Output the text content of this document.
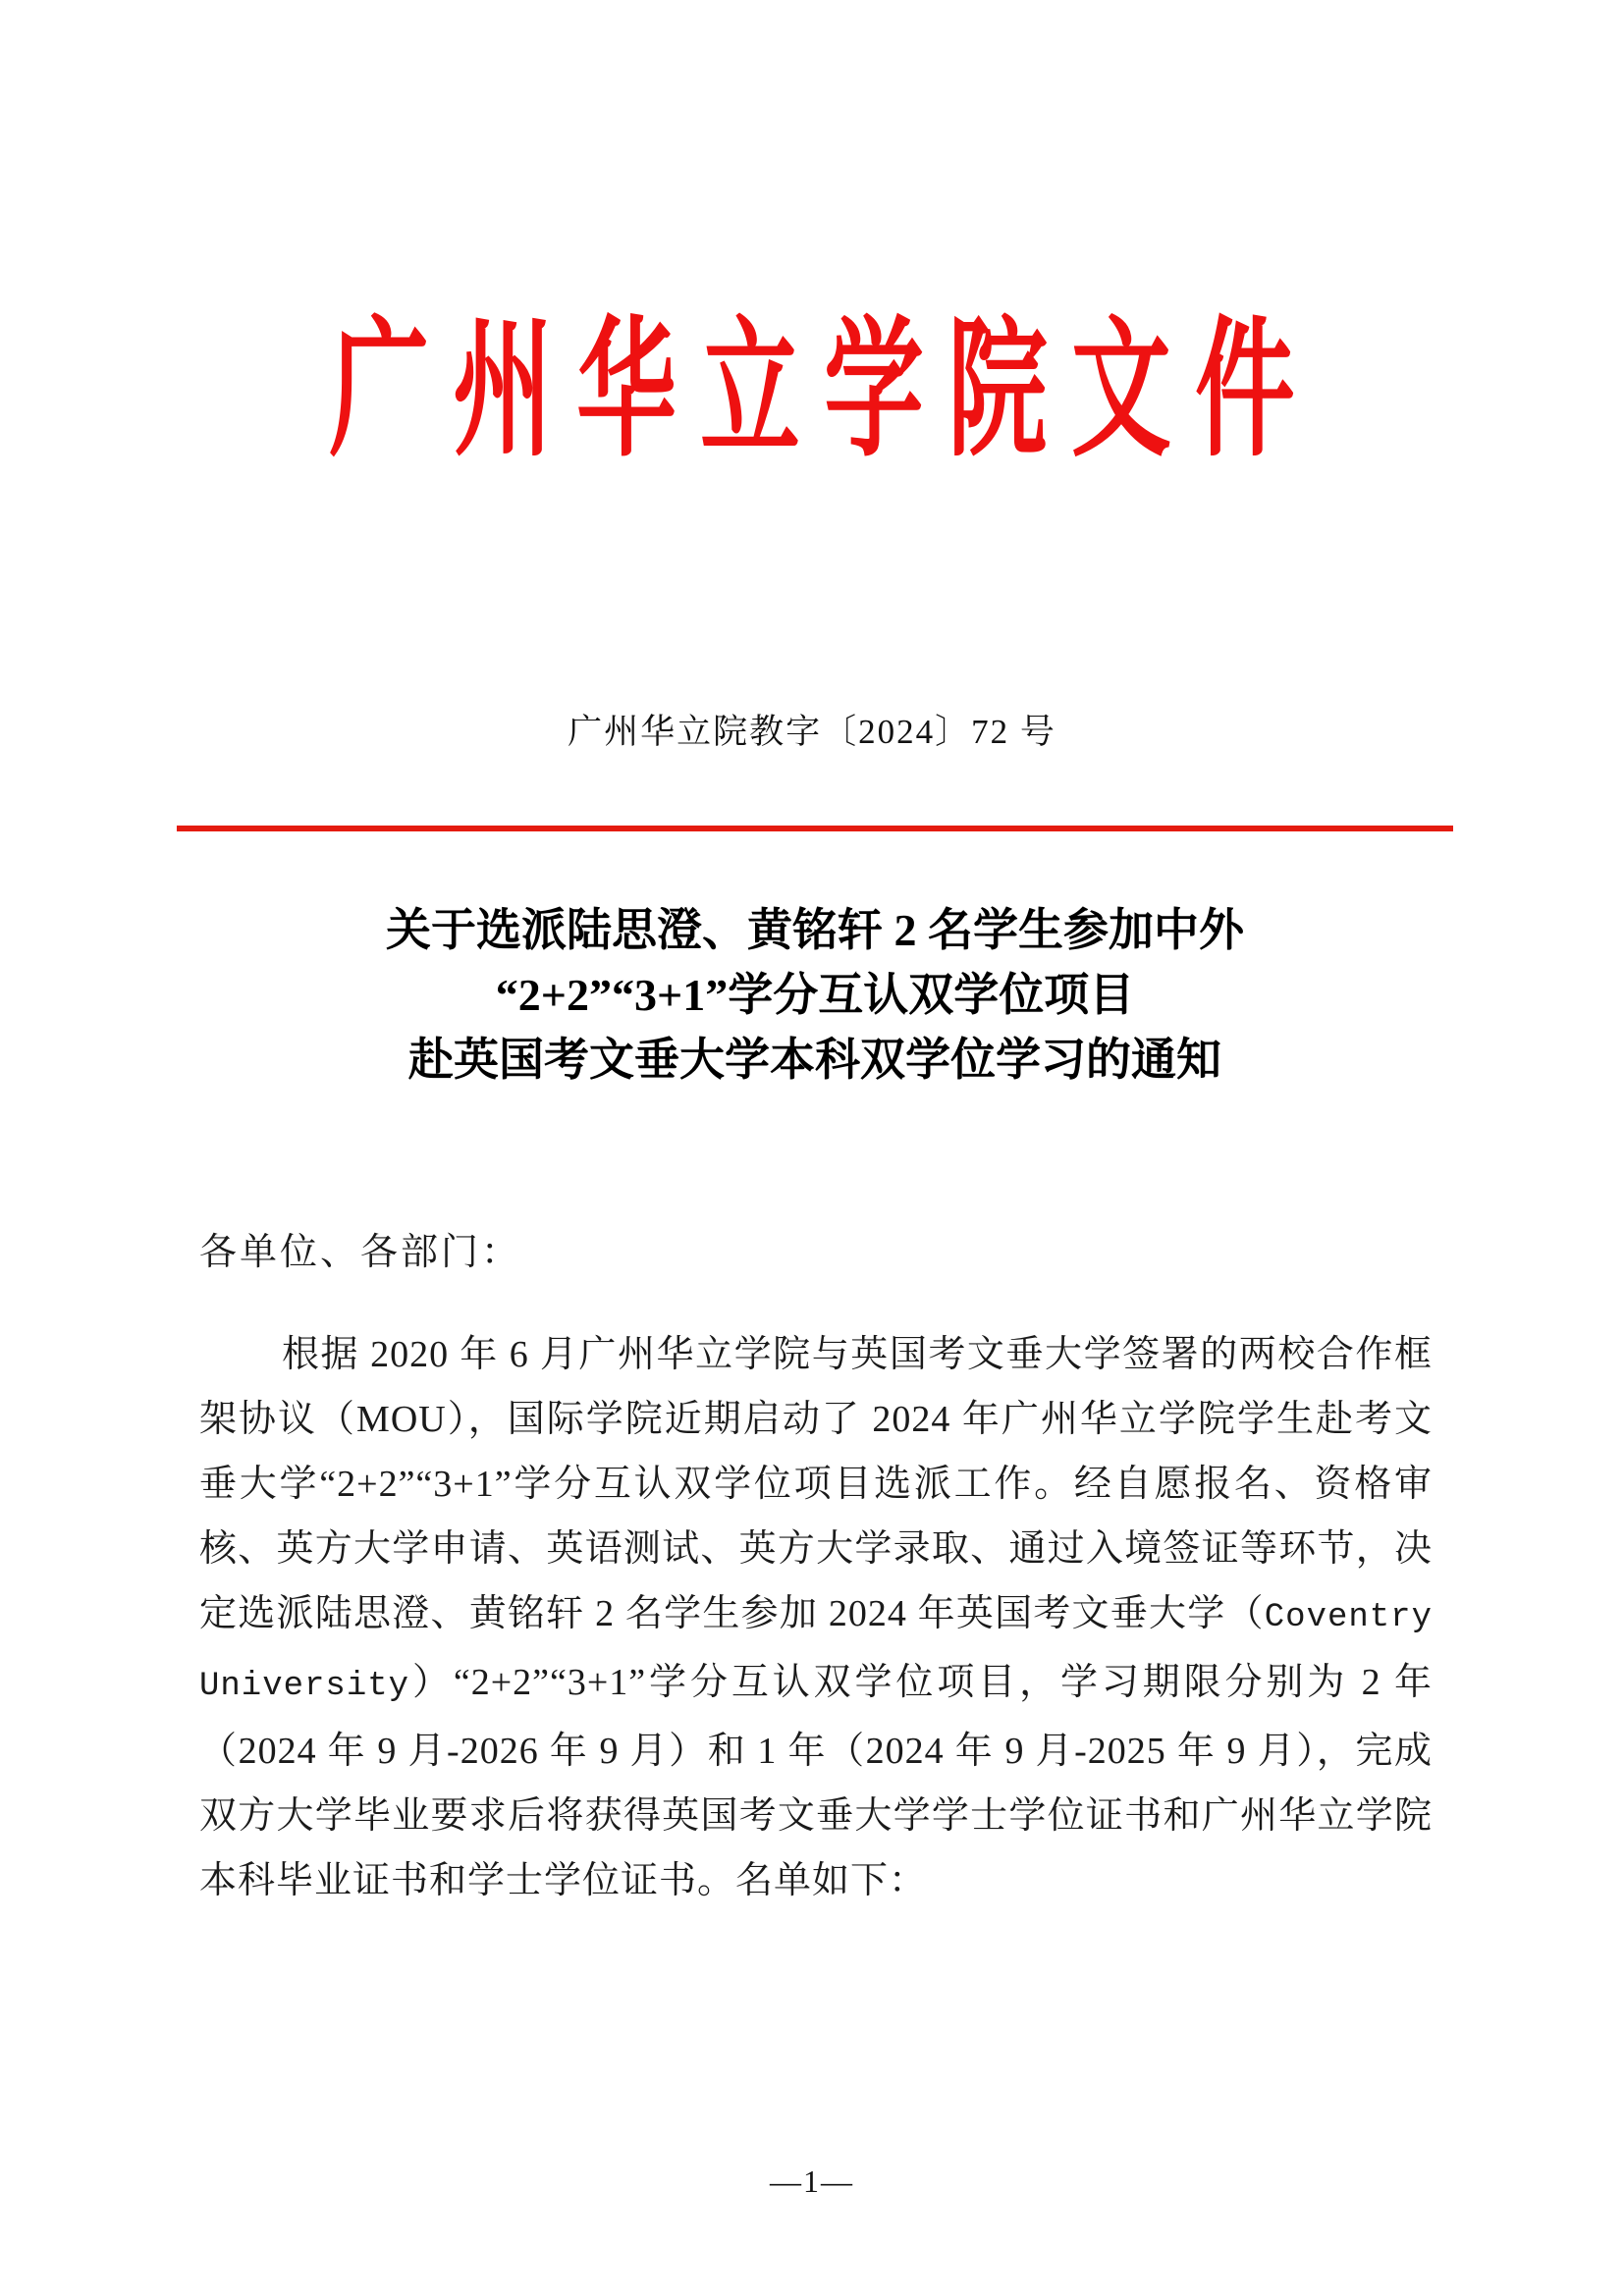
广州华立学院文件
广州华立院教字〔2024〕72 号
关于选派陆思澄、黄铭轩 2 名学生参加中外
“2+2”“3+1”学分互认双学位项目
赴英国考文垂大学本科双学位学习的通知
各单位、各部门：

根据 2020 年 6 月广州华立学院与英国考文垂大学签署的两校合作框架协议（MOU），国际学院近期启动了 2024 年广州华立学院学生赴考文垂大学“2+2”“3+1”学分互认双学位项目选派工作。经自愿报名、资格审核、英方大学申请、英语测试、英方大学录取、通过入境签证等环节，决定选派陆思澄、黄铭轩 2 名学生参加 2024 年英国考文垂大学（Coventry University）“2+2”“3+1”学分互认双学位项目，学习期限分别为 2 年（2024 年 9 月-2026 年 9 月）和 1 年（2024 年 9 月-2025 年 9 月），完成双方大学毕业要求后将获得英国考文垂大学学士学位证书和广州华立学院本科毕业证书和学士学位证书。名单如下：

—1—
